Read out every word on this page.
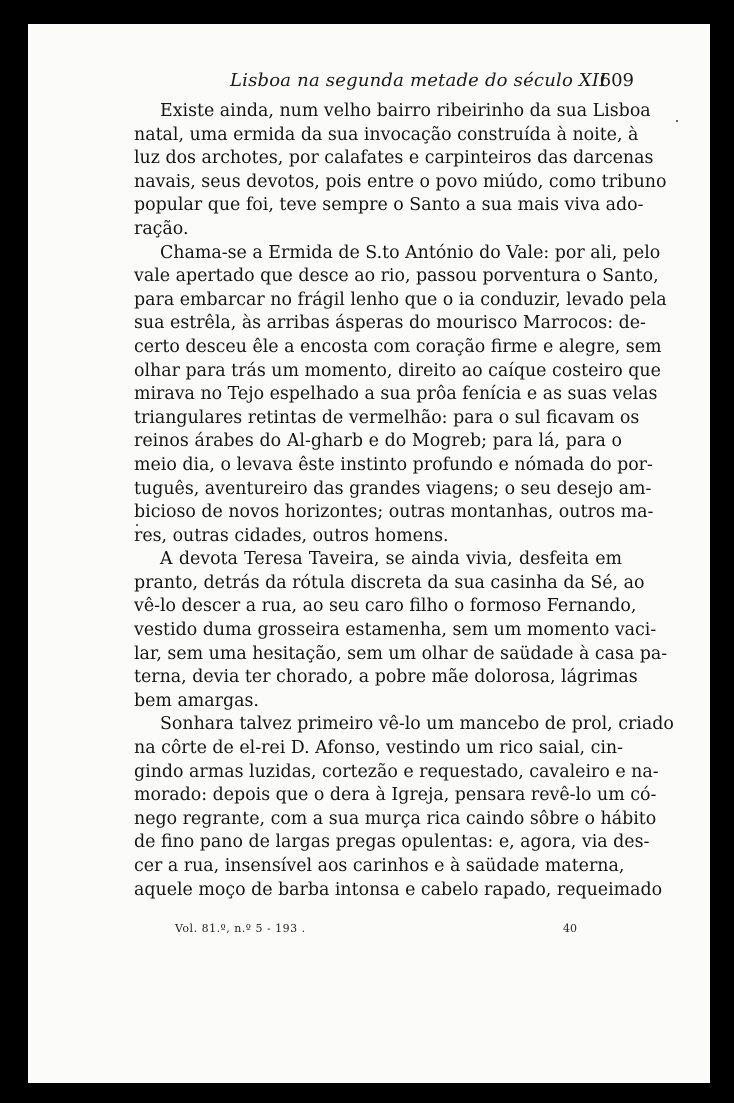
Lisboa na segunda metade do século XII
609
Existe ainda, num velho bairro ribeirinho da sua Lisboa
natal, uma ermida da sua invocação construída à noite, à
luz dos archotes, por calafates e carpinteiros das darcenas
navais, seus devotos, pois entre o povo miúdo, como tribuno
popular que foi, teve sempre o Santo a sua mais viva ado-
ração.
Chama-se a Ermida de S.to António do Vale: por ali, pelo
vale apertado que desce ao rio, passou porventura o Santo,
para embarcar no frágil lenho que o ia conduzir, levado pela
sua estrêla, às arribas ásperas do mourisco Marrocos: de-
certo desceu êle a encosta com coração firme e alegre, sem
olhar para trás um momento, direito ao caíque costeiro que
mirava no Tejo espelhado a sua prôa fenícia e as suas velas
triangulares retintas de vermelhão: para o sul ficavam os
reinos árabes do Al-gharb e do Mogreb; para lá, para o
meio dia, o levava êste instinto profundo e nómada do por-
tuguês, aventureiro das grandes viagens; o seu desejo am-
bicioso de novos horizontes; outras montanhas, outros ma-
res, outras cidades, outros homens.
A devota Teresa Taveira, se ainda vivia, desfeita em
pranto, detrás da rótula discreta da sua casinha da Sé, ao
vê-lo descer a rua, ao seu caro filho o formoso Fernando,
vestido duma grosseira estamenha, sem um momento vaci-
lar, sem uma hesitação, sem um olhar de saüdade à casa pa-
terna, devia ter chorado, a pobre mãe dolorosa, lágrimas
bem amargas.
Sonhara talvez primeiro vê-lo um mancebo de prol, criado
na côrte de el-rei D. Afonso, vestindo um rico saial, cin-
gindo armas luzidas, cortezão e requestado, cavaleiro e na-
morado: depois que o dera à Igreja, pensara revê-lo um có-
nego regrante, com a sua murça rica caindo sôbre o hábito
de fino pano de largas pregas opulentas: e, agora, via des-
cer a rua, insensível aos carinhos e à saüdade materna,
aquele moço de barba intonsa e cabelo rapado, requeimado
Vol. 81.º, n.º 5 - 193 .	40
